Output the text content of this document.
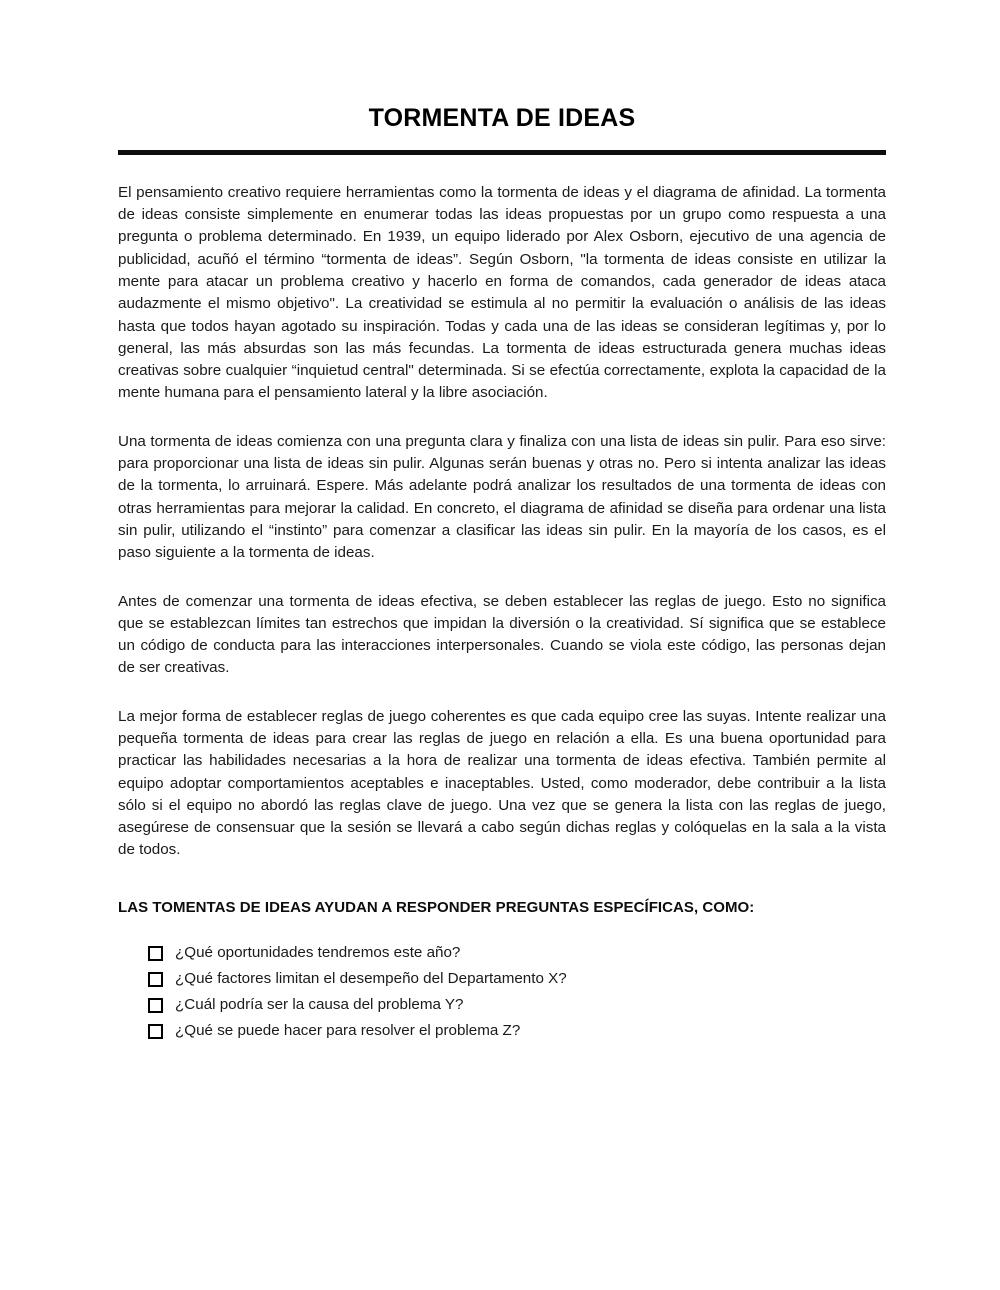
TORMENTA DE IDEAS

El pensamiento creativo requiere herramientas como la tormenta de ideas y el diagrama de afinidad. La tormenta de ideas consiste simplemente en enumerar todas las ideas propuestas por un grupo como respuesta a una pregunta o problema determinado. En 1939, un equipo liderado por Alex Osborn, ejecutivo de una agencia de publicidad, acuñó el término “tormenta de ideas”. Según Osborn, "la tormenta de ideas consiste en utilizar la mente para atacar un problema creativo y hacerlo en forma de comandos, cada generador de ideas ataca audazmente el mismo objetivo". La creatividad se estimula al no permitir la evaluación o análisis de las ideas hasta que todos hayan agotado su inspiración. Todas y cada una de las ideas se consideran legítimas y, por lo general, las más absurdas son las más fecundas. La tormenta de ideas estructurada genera muchas ideas creativas sobre cualquier “inquietud central" determinada. Si se efectúa correctamente, explota la capacidad de la mente humana para el pensamiento lateral y la libre asociación.

Una tormenta de ideas comienza con una pregunta clara y finaliza con una lista de ideas sin pulir. Para eso sirve: para proporcionar una lista de ideas sin pulir. Algunas serán buenas y otras no. Pero si intenta analizar las ideas de la tormenta, lo arruinará. Espere. Más adelante podrá analizar los resultados de una tormenta de ideas con otras herramientas para mejorar la calidad. En concreto, el diagrama de afinidad se diseña para ordenar una lista sin pulir, utilizando el “instinto” para comenzar a clasificar las ideas sin pulir. En la mayoría de los casos, es el paso siguiente a la tormenta de ideas.

Antes de comenzar una tormenta de ideas efectiva, se deben establecer las reglas de juego. Esto no significa que se establezcan límites tan estrechos que impidan la diversión o la creatividad. Sí significa que se establece un código de conducta para las interacciones interpersonales. Cuando se viola este código, las personas dejan de ser creativas.

La mejor forma de establecer reglas de juego coherentes es que cada equipo cree las suyas. Intente realizar una pequeña tormenta de ideas para crear las reglas de juego en relación a ella. Es una buena oportunidad para practicar las habilidades necesarias a la hora de realizar una tormenta de ideas efectiva. También permite al equipo adoptar comportamientos aceptables e inaceptables. Usted, como moderador, debe contribuir a la lista sólo si el equipo no abordó las reglas clave de juego. Una vez que se genera la lista con las reglas de juego, asegúrese de consensuar que la sesión se llevará a cabo según dichas reglas y colóquelas en la sala a la vista de todos.

LAS TOMENTAS DE IDEAS AYUDAN A RESPONDER PREGUNTAS ESPECÍFICAS, COMO:

¿Qué oportunidades tendremos este año?
¿Qué factores limitan el desempeño del Departamento X?
¿Cuál podría ser la causa del problema Y?
¿Qué se puede hacer para resolver el problema Z?
